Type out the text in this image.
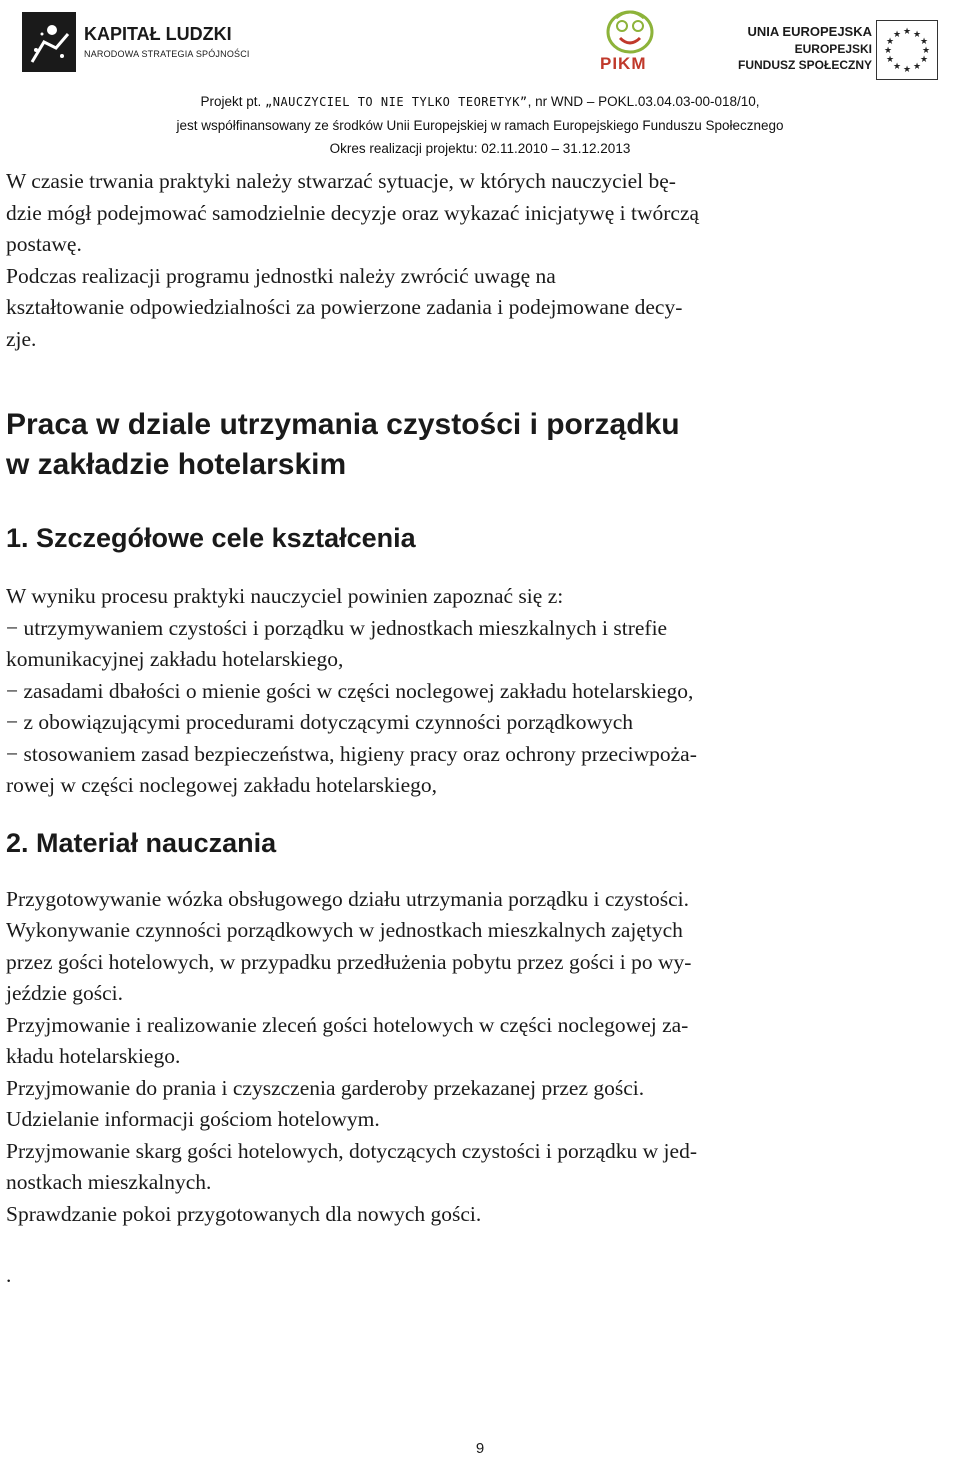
KAPITAŁ LUDZKI
NARODOWA STRATEGIA SPÓJNOŚCI	PIKM
UNIA EUROPEJSKA
EUROPEJSKI
FUNDUSZ SPOŁECZNY
★ ★
★
★
★
★
★
★
★
★
★
★
Projekt pt. „NAUCZYCIEL TO NIE TYLKO TEORETYK”, nr WND – POKL.03.04.03-00-018/10,
jest współfinansowany ze środków Unii Europejskiej w ramach Europejskiego Funduszu Społecznego
Okres realizacji projektu: 02.11.2010 – 31.12.2013

W czasie trwania praktyki należy stwarzać sytuacje, w których nauczyciel bę-

dzie mógł podejmować samodzielnie decyzje oraz wykazać inicjatywę i twórczą

postawę.

Podczas realizacji programu jednostki należy zwrócić uwagę na

kształtowanie odpowiedzialności za powierzone zadania i podejmowane decy-

zje.

Praca w dziale utrzymania czystości i porządku

w zakładzie hotelarskim

1. Szczegółowe cele kształcenia

W wyniku procesu praktyki nauczyciel powinien zapoznać się z:

− utrzymywaniem czystości i porządku w jednostkach mieszkalnych i strefie

komunikacyjnej zakładu hotelarskiego,

− zasadami dbałości o mienie gości w części noclegowej zakładu hotelarskiego,

− z obowiązującymi procedurami dotyczącymi czynności porządkowych

− stosowaniem zasad bezpieczeństwa, higieny pracy oraz ochrony przeciwpoża-

rowej w części noclegowej zakładu hotelarskiego,

2. Materiał nauczania

Przygotowywanie wózka obsługowego działu utrzymania porządku i czystości.

Wykonywanie czynności porządkowych w jednostkach mieszkalnych zajętych

przez gości hotelowych, w przypadku przedłużenia pobytu przez gości i po wy-

jeździe gości.

Przyjmowanie i realizowanie zleceń gości hotelowych w części noclegowej za-

kładu hotelarskiego.

Przyjmowanie do prania i czyszczenia garderoby przekazanej przez gości.

Udzielanie informacji gościom hotelowym.

Przyjmowanie skarg gości hotelowych, dotyczących czystości i porządku w jed-

nostkach mieszkalnych.

Sprawdzanie pokoi przygotowanych dla nowych gości.

.

9
